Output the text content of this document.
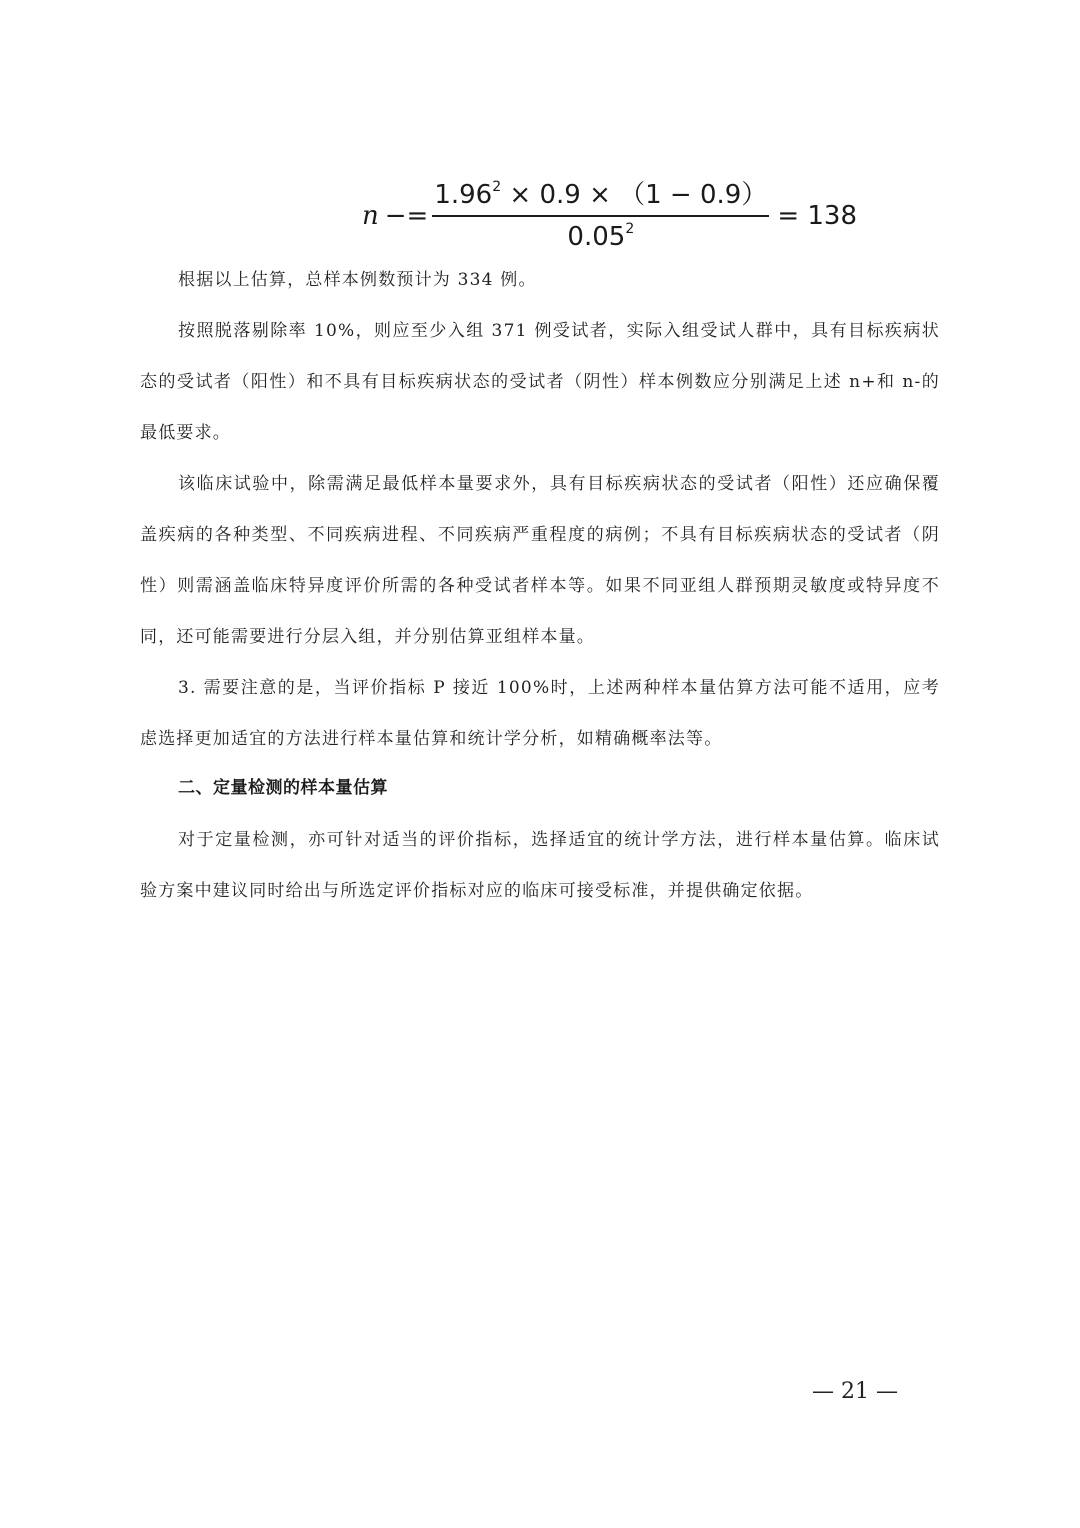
$n -= \frac{1.96^2 \times 0.9 \times (1 - 0.9)}{0.05^2} = 138$

根据以上估算，总样本例数预计为 334 例。

按照脱落剔除率 10%，则应至少入组 371 例受试者，实际入组受试人群中，具有目标疾病状态的受试者（阳性）和不具有目标疾病状态的受试者（阴性）样本例数应分别满足上述 n+和 n-的最低要求。

该临床试验中，除需满足最低样本量要求外，具有目标疾病状态的受试者（阳性）还应确保覆盖疾病的各种类型、不同疾病进程、不同疾病严重程度的病例；不具有目标疾病状态的受试者（阴性）则需涵盖临床特异度评价所需的各种受试者样本等。如果不同亚组人群预期灵敏度或特异度不同，还可能需要进行分层入组，并分别估算亚组样本量。

3. 需要注意的是，当评价指标 P 接近 100%时，上述两种样本量估算方法可能不适用，应考虑选择更加适宜的方法进行样本量估算和统计学分析，如精确概率法等。

二、定量检测的样本量估算

对于定量检测，亦可针对适当的评价指标，选择适宜的统计学方法，进行样本量估算。临床试验方案中建议同时给出与所选定评价指标对应的临床可接受标准，并提供确定依据。

— 21 —
